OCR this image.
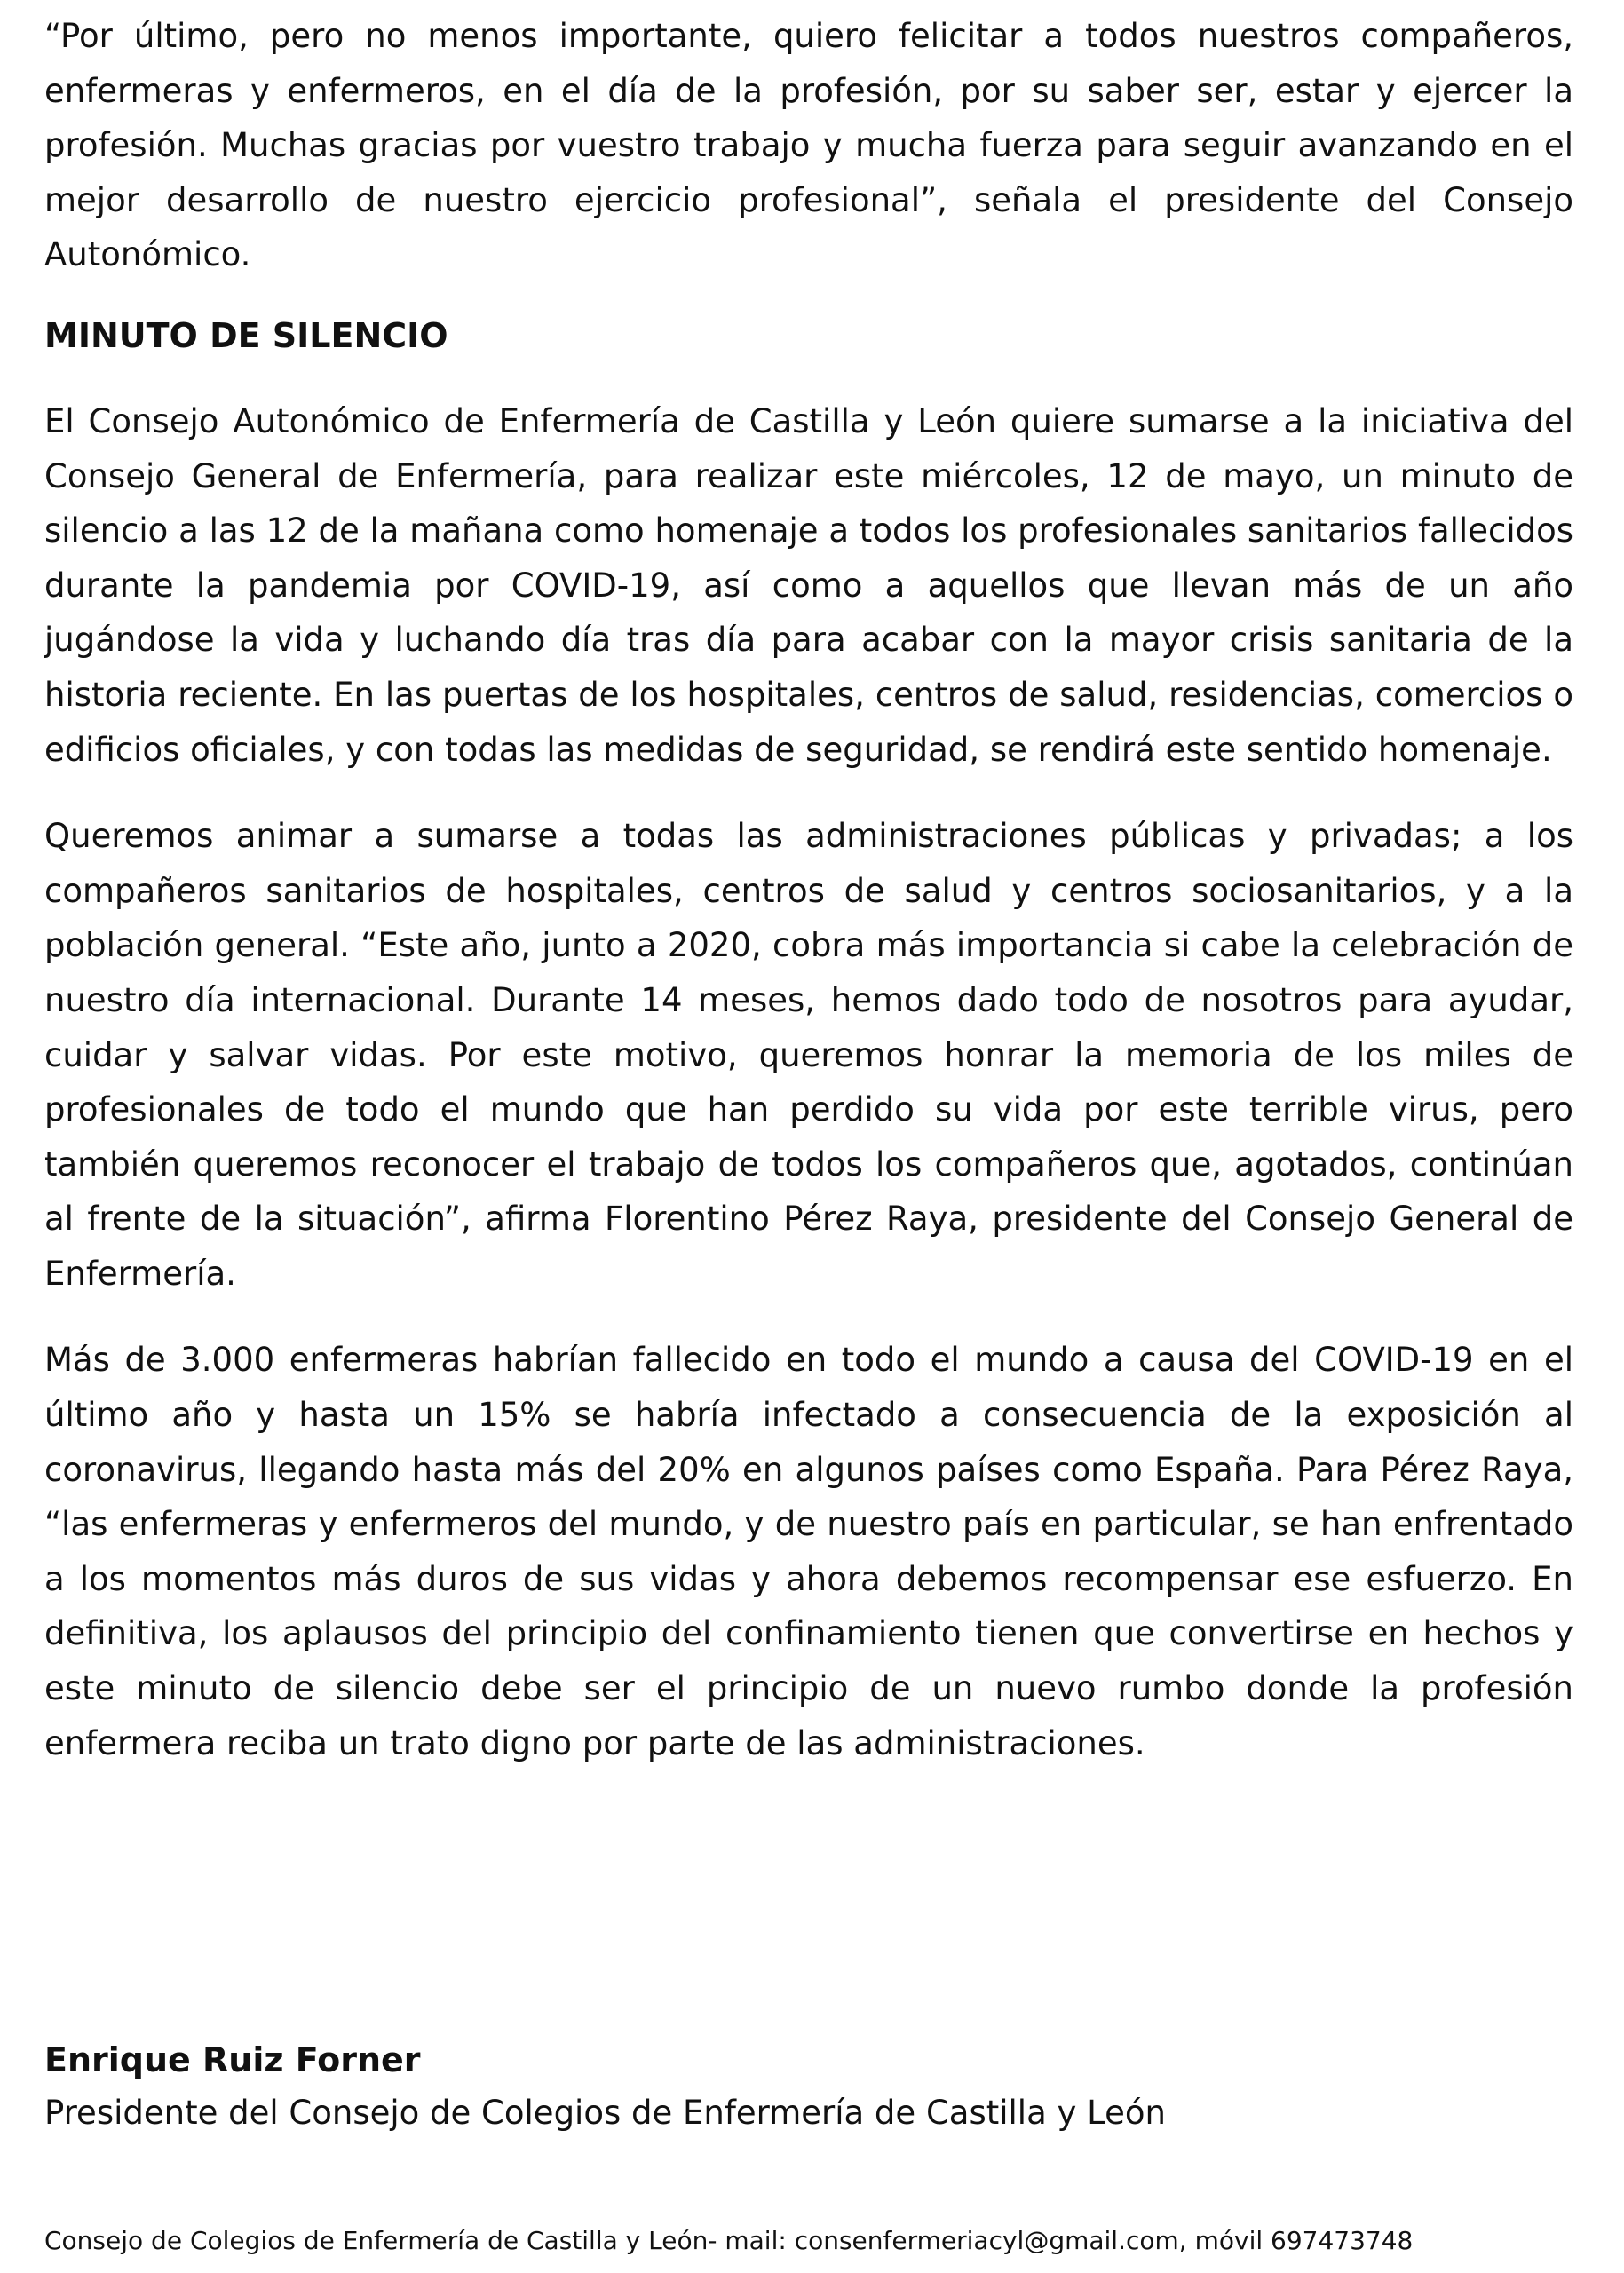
“Por último, pero no menos importante, quiero felicitar a todos nuestros compañeros, enfermeras y enfermeros, en el día de la profesión, por su saber ser, estar y ejercer la profesión. Muchas gracias por vuestro trabajo y mucha fuerza para seguir avanzando en el mejor desarrollo de nuestro ejercicio profesional”, señala el presidente del Consejo Autonómico.

MINUTO DE SILENCIO

El Consejo Autonómico de Enfermería de Castilla y León quiere sumarse a la iniciativa del Consejo General de Enfermería, para realizar este miércoles, 12 de mayo, un minuto de silencio a las 12 de la mañana como homenaje a todos los profesionales sanitarios fallecidos durante la pandemia por COVID-19, así como a aquellos que llevan más de un año jugándose la vida y luchando día tras día para acabar con la mayor crisis sanitaria de la historia reciente. En las puertas de los hospitales, centros de salud, residencias, comercios o edificios oficiales, y con todas las medidas de seguridad, se rendirá este sentido homenaje.

Queremos animar a sumarse a todas las administraciones públicas y privadas; a los compañeros sanitarios de hospitales, centros de salud y centros sociosanitarios, y a la población general. “Este año, junto a 2020, cobra más importancia si cabe la celebración de nuestro día internacional. Durante 14 meses, hemos dado todo de nosotros para ayudar, cuidar y salvar vidas. Por este motivo, queremos honrar la memoria de los miles de profesionales de todo el mundo que han perdido su vida por este terrible virus, pero también queremos reconocer el trabajo de todos los compañeros que, agotados, continúan al frente de la situación”, afirma Florentino Pérez Raya, presidente del Consejo General de Enfermería.

Más de 3.000 enfermeras habrían fallecido en todo el mundo a causa del COVID-19 en el último año y hasta un 15% se habría infectado a consecuencia de la exposición al coronavirus, llegando hasta más del 20% en algunos países como España. Para Pérez Raya, “las enfermeras y enfermeros del mundo, y de nuestro país en particular, se han enfrentado a los momentos más duros de sus vidas y ahora debemos recompensar ese esfuerzo. En definitiva, los aplausos del principio del confinamiento tienen que convertirse en hechos y este minuto de silencio debe ser el principio de un nuevo rumbo donde la profesión enfermera reciba un trato digno por parte de las administraciones.

Enrique Ruiz Forner

Presidente del Consejo de Colegios de Enfermería de Castilla y León

Consejo de Colegios de Enfermería de Castilla y León- mail: consenfermeriacyl@gmail.com, móvil 697473748
